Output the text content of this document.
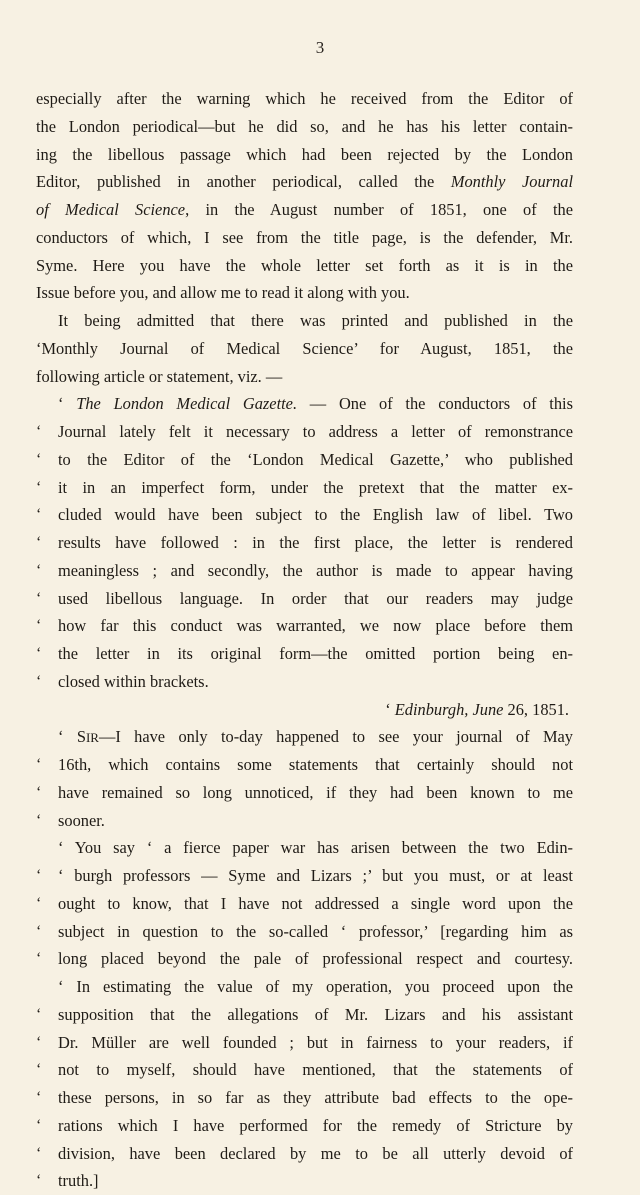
3
especially after the warning which he received from the Editor of
the London periodical—but he did so, and he has his letter contain-
ing the libellous passage which had been rejected by the London
Editor, published in another periodical, called the Monthly Journal
of Medical Science, in the August number of 1851, one of the
conductors of which, I see from the title page, is the defender, Mr.
Syme. Here you have the whole letter set forth as it is in the
Issue before you, and allow me to read it along with you.
It being admitted that there was printed and published in the
‘Monthly Journal of Medical Science’ for August, 1851, the
following article or statement, viz. —
‘ The London Medical Gazette. — One of the conductors of this
‘ Journal lately felt it necessary to address a letter of remonstrance
‘ to the Editor of the ‘London Medical Gazette,’ who published
‘ it in an imperfect form, under the pretext that the matter ex-
‘ cluded would have been subject to the English law of libel. Two
‘ results have followed : in the first place, the letter is rendered
‘ meaningless ; and secondly, the author is made to appear having
‘ used libellous language. In order that our readers may judge
‘ how far this conduct was warranted, we now place before them
‘ the letter in its original form—the omitted portion being en-
‘ closed within brackets.
‘ Edinburgh, June 26, 1851.
‘ SIR—I have only to-day happened to see your journal of May
‘ 16th, which contains some statements that certainly should not
‘ have remained so long unnoticed, if they had been known to me
‘ sooner.
‘ You say ‘ a fierce paper war has arisen between the two Edin-
‘ ‘ burgh professors — Syme and Lizars ;’ but you must, or at least
‘ ought to know, that I have not addressed a single word upon the
‘ subject in question to the so-called ‘ professor,’ [regarding him as
‘ long placed beyond the pale of professional respect and courtesy.
‘ In estimating the value of my operation, you proceed upon the
‘ supposition that the allegations of Mr. Lizars and his assistant
‘ Dr. Müller are well founded ; but in fairness to your readers, if
‘ not to myself, should have mentioned, that the statements of
‘ these persons, in so far as they attribute bad effects to the ope-
‘ rations which I have performed for the remedy of Stricture by
‘ division, have been declared by me to be all utterly devoid of
‘ truth.]
